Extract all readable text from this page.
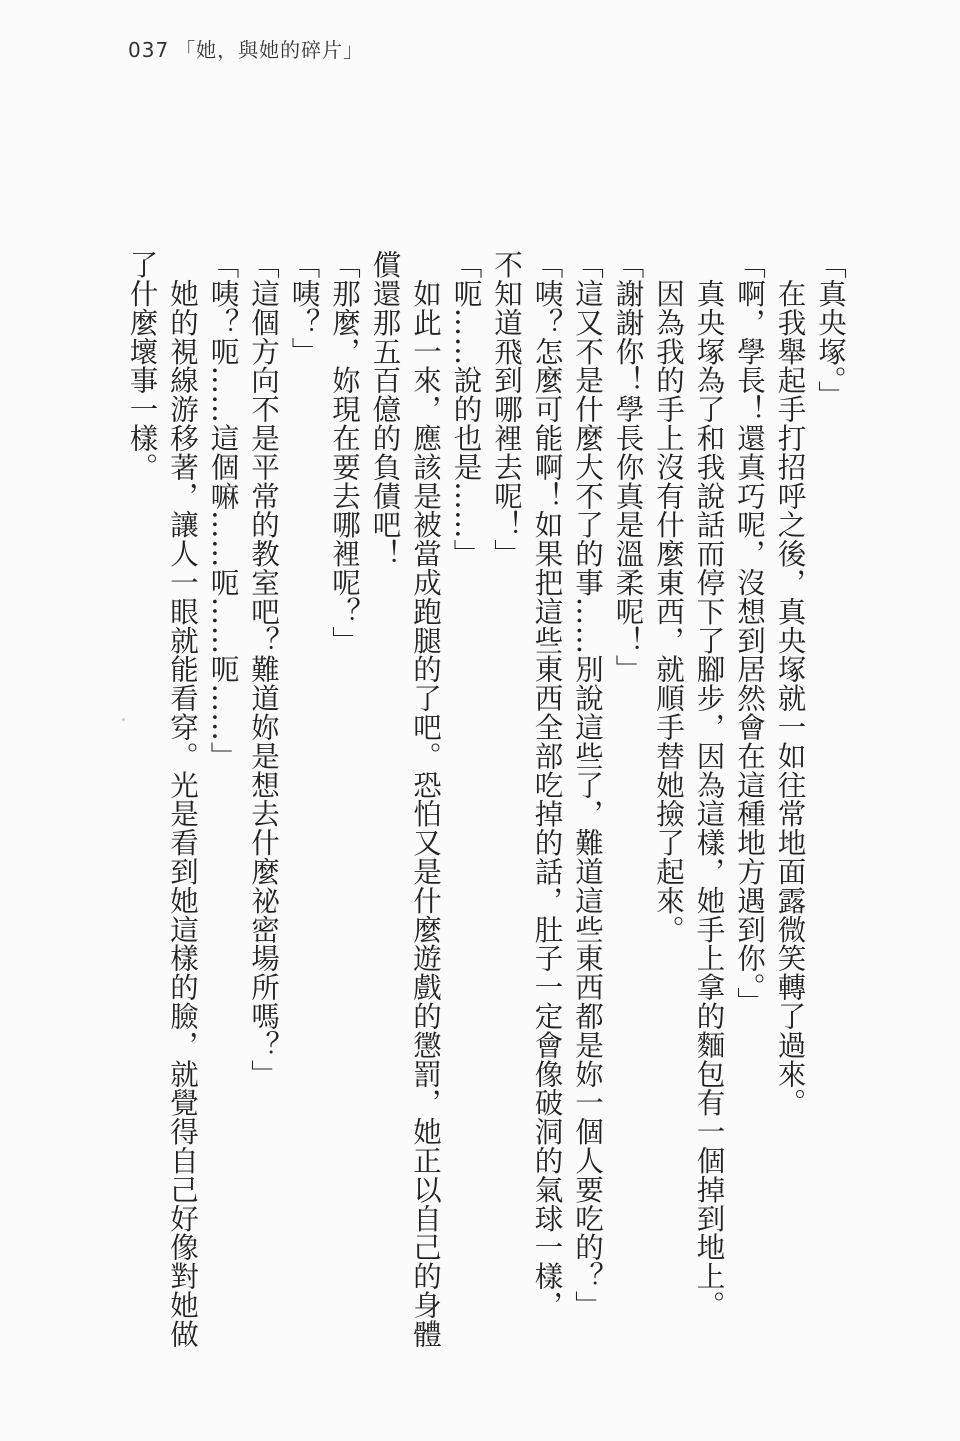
037 「她，與她的碎片」

「真央塚。」

　在我舉起手打招呼之後，真央塚就一如往常地面露微笑轉了過來。

「啊，學長！還真巧呢，沒想到居然會在這種地方遇到你。」

　真央塚為了和我說話而停下了腳步，因為這樣，她手上拿的麵包有一個掉到地上。

　因為我的手上沒有什麼東西，就順手替她撿了起來。

「謝謝你！學長你真是溫柔呢！」

「這又不是什麼大不了的事……別說這些了，難道這些東西都是妳一個人要吃的？」

「咦？怎麼可能啊！如果把這些東西全部吃掉的話，肚子一定會像破洞的氣球一樣，

不知道飛到哪裡去呢！」

「呃……說的也是……」

　如此一來，應該是被當成跑腿的了吧。恐怕又是什麼遊戲的懲罰，她正以自己的身體

償還那五百億的負債吧！

「那麼，妳現在要去哪裡呢？」

「咦？」

「這個方向不是平常的教室吧？難道妳是想去什麼祕密場所嗎？」

「咦？呃……這個嘛……呃……呃……」

　她的視線游移著，讓人一眼就能看穿。光是看到她這樣的臉，就覺得自己好像對她做

了什麼壞事一樣。
